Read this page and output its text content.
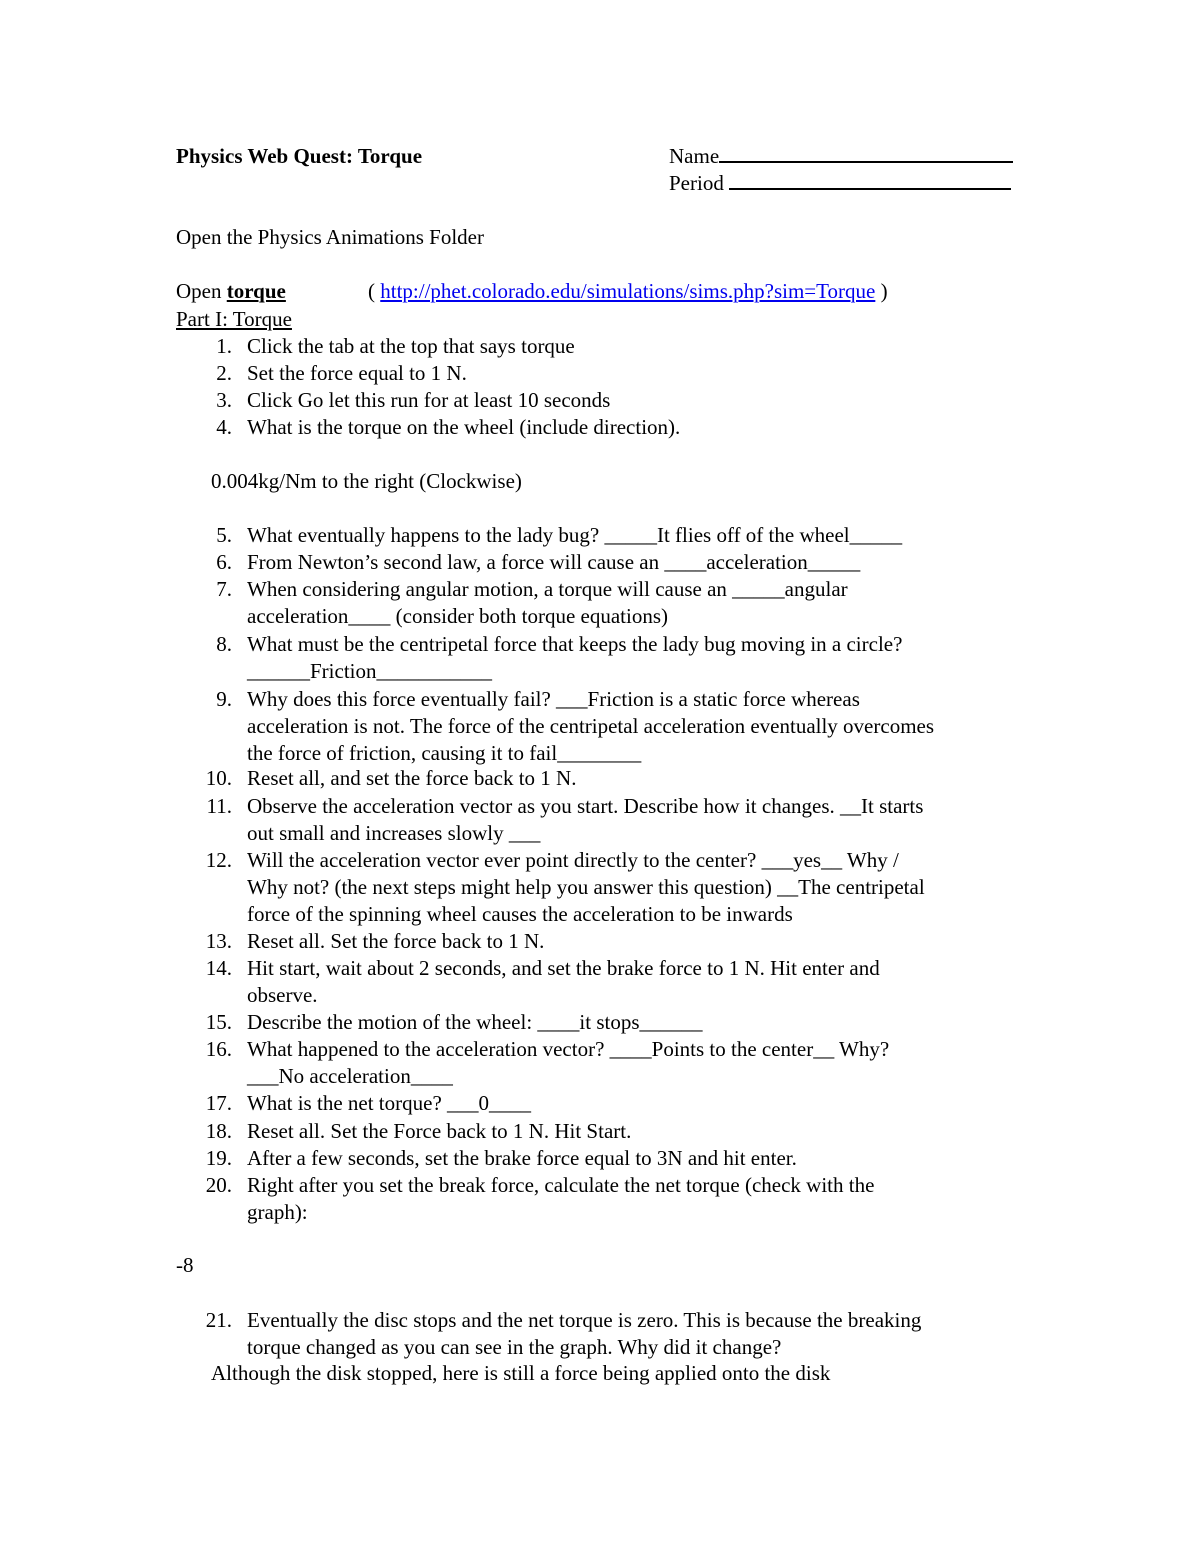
Physics Web Quest: Torque	Name
Period
Open the Physics Animations Folder
Open torque	( http://phet.colorado.edu/simulations/sims.php?sim=Torque )
Part I: Torque
1. Click the tab at the top that says torque
2. Set the force equal to 1 N.
3. Click Go let this run for at least 10 seconds
4. What is the torque on the wheel (include direction).
5. What eventually happens to the lady bug? _____It flies off of the wheel_____
6. From Newton’s second law, a force will cause an ____acceleration_____
7. When considering angular motion, a torque will cause an _____angular
acceleration____ (consider both torque equations)
8. What must be the centripetal force that keeps the lady bug moving in a circle?
______Friction___________
9. Why does this force eventually fail? ___Friction is a static force whereas
acceleration is not. The force of the centripetal acceleration eventually overcomes
the force of friction, causing it to fail________
10. Reset all, and set the force back to 1 N.
11. Observe the acceleration vector as you start. Describe how it changes. __It starts
out small and increases slowly ___
12. Will the acceleration vector ever point directly to the center? ___yes__ Why /
Why not? (the next steps might help you answer this question) __The centripetal
force of the spinning wheel causes the acceleration to be inwards
13. Reset all. Set the force back to 1 N.
14. Hit start, wait about 2 seconds, and set the brake force to 1 N. Hit enter and
observe.
15. Describe the motion of the wheel: ____it stops______
16. What happened to the acceleration vector? ____Points to the center__ Why?
___No acceleration____
17. What is the net torque? ___0____
18. Reset all. Set the Force back to 1 N. Hit Start.
19. After a few seconds, set the brake force equal to 3N and hit enter.
20. Right after you set the break force, calculate the net torque (check with the
graph):
21. Eventually the disc stops and the net torque is zero. This is because the breaking
torque changed as you can see in the graph. Why did it change?
0.004kg/Nm to the right (Clockwise)
-8
Although the disk stopped, here is still a force being applied onto the disk
